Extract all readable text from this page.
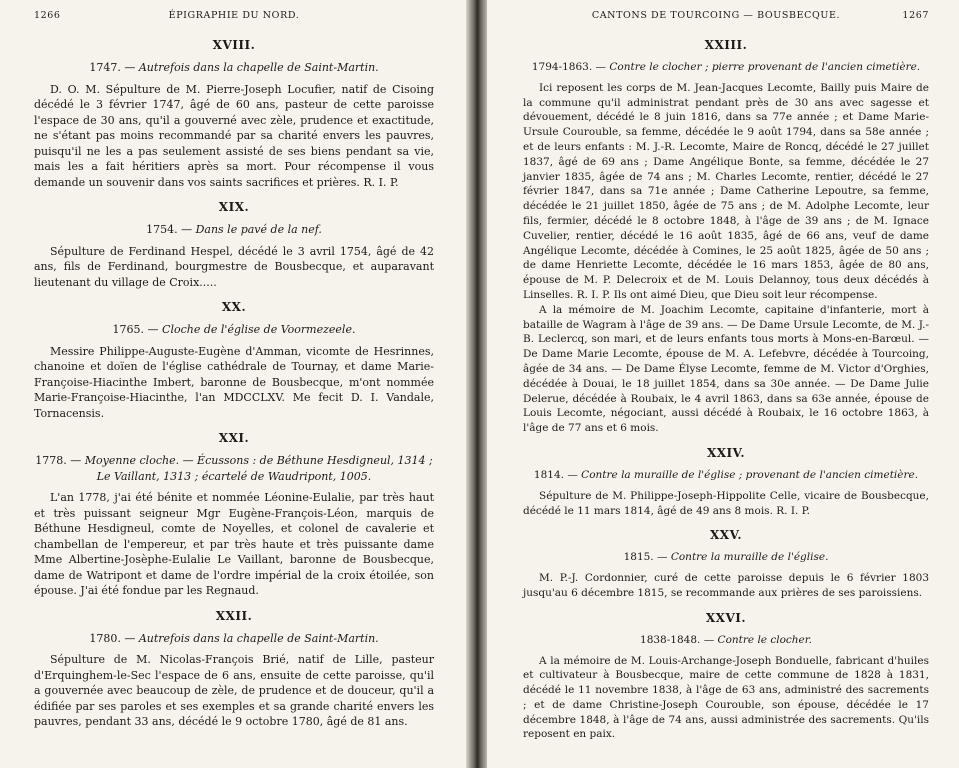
1266	ÉPIGRAPHIE DU NORD.
XVIII.
1747. — Autrefois dans la chapelle de Saint-Martin.
D. O. M. Sépulture de M. Pierre-Joseph Locufier, natif de Cisoing décédé le 3 février 1747, âgé de 60 ans, pasteur de cette paroisse l'espace de 30 ans, qu'il a gouverné avec zèle, prudence et exactitude, ne s'étant pas moins recommandé par sa charité envers les pauvres, puisqu'il ne les a pas seulement assisté de ses biens pendant sa vie, mais les a fait héritiers après sa mort. Pour récompense il vous demande un souvenir dans vos saints sacrifices et prières. R. I. P.
XIX.
1754. — Dans le pavé de la nef.
Sépulture de Ferdinand Hespel, décédé le 3 avril 1754, âgé de 42 ans, fils de Ferdinand, bourgmestre de Bousbecque, et auparavant lieutenant du village de Croix.....
XX.
1765. — Cloche de l'église de Voormezeele.
Messire Philippe-Auguste-Eugène d'Amman, vicomte de Hesrinnes, chanoine et doïen de l'église cathédrale de Tournay, et dame Marie-Françoise-Hiacinthe Imbert, baronne de Bousbecque, m'ont nommée Marie-Françoise-Hiacinthe, l'an MDCCLXV. Me fecit D. I. Vandale, Tornacensis.
XXI.
1778. — Moyenne cloche. — Écussons : de Béthune Hesdigneul, 1314 ; Le Vaillant, 1313 ; écartelé de Waudripont, 1005.
L'an 1778, j'ai été bénite et nommée Léonine-Eulalie, par très haut et très puissant seigneur Mgr Eugène-François-Léon, marquis de Béthune Hesdigneul, comte de Noyelles, et colonel de cavalerie et chambellan de l'empereur, et par très haute et très puissante dame Mme Albertine-Josèphe-Eulalie Le Vaillant, baronne de Bousbecque, dame de Watripont et dame de l'ordre impérial de la croix étoilée, son épouse. J'ai été fondue par les Regnaud.
XXII.
1780. — Autrefois dans la chapelle de Saint-Martin.
Sépulture de M. Nicolas-François Brié, natif de Lille, pasteur d'Erquinghem-le-Sec l'espace de 6 ans, ensuite de cette paroisse, qu'il a gouvernée avec beaucoup de zèle, de prudence et de douceur, qu'il a édifiée par ses paroles et ses exemples et sa grande charité envers les pauvres, pendant 33 ans, décédé le 9 octobre 1780, âgé de 81 ans.
CANTONS DE TOURCOING — BOUSBECQUE.	1267
XXIII.
1794-1863. — Contre le clocher ; pierre provenant de l'ancien cimetière.

Ici reposent les corps de M. Jean-Jacques Lecomte, Bailly puis Maire de la commune qu'il administrat pendant près de 30 ans avec sagesse et dévouement, décédé le 8 juin 1816, dans sa 77e année ; et Dame Marie-Ursule Courouble, sa femme, décédée le 9 août 1794, dans sa 58e année ; et de leurs enfants : M. J.-R. Lecomte, Maire de Roncq, décédé le 27 juillet 1837, âgé de 69 ans ; Dame Angélique Bonte, sa femme, décédée le 27 janvier 1835, âgée de 74 ans ; M. Charles Lecomte, rentier, décédé le 27 février 1847, dans sa 71e année ; Dame Catherine Lepoutre, sa femme, décédée le 21 juillet 1850, âgée de 75 ans ; de M. Adolphe Lecomte, leur fils, fermier, décédé le 8 octobre 1848, à l'âge de 39 ans ; de M. Ignace Cuvelier, rentier, décédé le 16 août 1835, âgé de 66 ans, veuf de dame Angélique Lecomte, décédée à Comines, le 25 août 1825, âgée de 50 ans ; de dame Henriette Lecomte, décédée le 16 mars 1853, âgée de 80 ans, épouse de M. P. Delecroix et de M. Louis Delannoy, tous deux décédés à Linselles. R. I. P. Ils ont aimé Dieu, que Dieu soit leur récompense.

A la mémoire de M. Joachim Lecomte, capitaine d'infanterie, mort à bataille de Wagram à l'âge de 39 ans. — De Dame Ursule Lecomte, de M. J.-B. Leclercq, son mari, et de leurs enfants tous morts à Mons-en-Barœul. — De Dame Marie Lecomte, épouse de M. A. Lefebvre, décédée à Tourcoing, âgée de 34 ans. — De Dame Élyse Lecomte, femme de M. Victor d'Orghies, décédée à Douai, le 18 juillet 1854, dans sa 30e année. — De Dame Julie Delerue, décédée à Roubaix, le 4 avril 1863, dans sa 63e année, épouse de Louis Lecomte, négociant, aussi décédé à Roubaix, le 16 octobre 1863, à l'âge de 77 ans et 6 mois.

XXIV.
1814. — Contre la muraille de l'église ; provenant de l'ancien cimetière.
Sépulture de M. Philippe-Joseph-Hippolite Celle, vicaire de Bousbecque, décédé le 11 mars 1814, âgé de 49 ans 8 mois. R. I. P.
XXV.
1815. — Contre la muraille de l'église.
M. P.-J. Cordonnier, curé de cette paroisse depuis le 6 février 1803 jusqu'au 6 décembre 1815, se recommande aux prières de ses paroissiens.
XXVI.
1838-1848. — Contre le clocher.
A la mémoire de M. Louis-Archange-Joseph Bonduelle, fabricant d'huiles et cultivateur à Bousbecque, maire de cette commune de 1828 à 1831, décédé le 11 novembre 1838, à l'âge de 63 ans, administré des sacrements ; et de dame Christine-Joseph Courouble, son épouse, décédée le 17 décembre 1848, à l'âge de 74 ans, aussi administrée des sacrements. Qu'ils reposent en paix.
